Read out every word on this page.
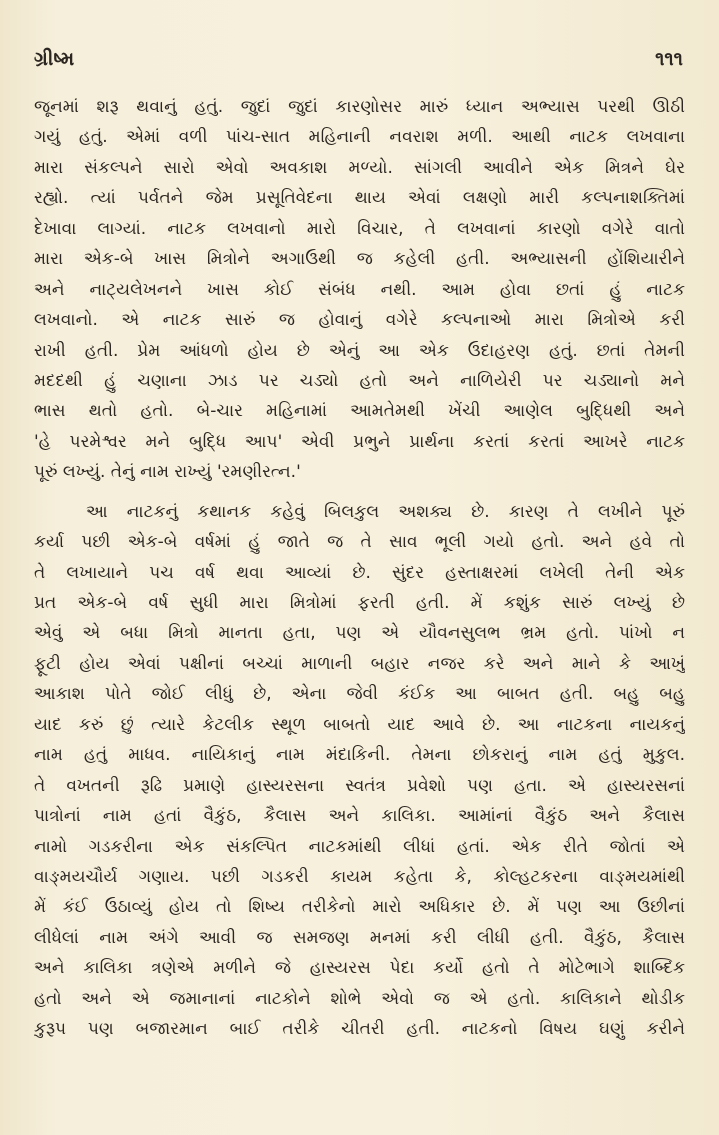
ગ્રીષ્મ	૧૧૧
જૂનમાં શરૂ થવાનું હતું. જુદાં જુદાં કારણોસર મારું ધ્યાન અભ્યાસ પરથી ઊઠી
ગયું હતું. એમાં વળી પાંચ-સાત મહિનાની નવરાશ મળી. આથી નાટક લખવાના
મારા સંકલ્પને સારો એવો અવકાશ મળ્યો. સાંગલી આવીને એક મિત્રને ઘેર
રહ્યો. ત્યાં પર્વતને જેમ પ્રસૂતિવેદના થાય એવાં લક્ષણો મારી કલ્પનાશક્તિમાં
દેખાવા લાગ્યાં. નાટક લખવાનો મારો વિચાર, તે લખવાનાં કારણો વગેરે વાતો
મારા એક-બે ખાસ મિત્રોને અગાઉથી જ કહેલી હતી. અભ્યાસની હોંશિયારીને
અને નાટ્યલેખનને ખાસ કોઈ સંબંધ નથી. આમ હોવા છતાં હું નાટક
લખવાનો. એ નાટક સારું જ હોવાનું વગેરે કલ્પનાઓ મારા મિત્રોએ કરી
રાખી હતી. પ્રેમ આંધળો હોય છે એનું આ એક ઉદાહરણ હતું. છતાં તેમની
મદદથી હું ચણાના ઝાડ પર ચડ્યો હતો અને નાળિયેરી પર ચડ્યાનો મને
ભાસ થતો હતો. બે-ચાર મહિનામાં આમતેમથી ખેંચી આણેલ બુદ્ધિથી અને
'હે પરમેશ્વર મને બુદ્ધિ આપ' એવી પ્રભુને પ્રાર્થના કરતાં કરતાં આખરે નાટક
પૂરું લખ્યું. તેનું નામ રાખ્યું 'રમણીરત્ન.'
આ નાટકનું કથાનક કહેવું બિલકુલ અશક્ય છે. કારણ તે લખીને પૂરું
કર્યા પછી એક-બે વર્ષમાં હું જાતે જ તે સાવ ભૂલી ગયો હતો. અને હવે તો
તે લખાયાને પચ વર્ષ થવા આવ્યાં છે. સુંદર હસ્તાક્ષરમાં લખેલી તેની એક
પ્રત એક-બે વર્ષ સુધી મારા મિત્રોમાં ફરતી હતી. મેં કશુંક સારું લખ્યું છે
એવું એ બધા મિત્રો માનતા હતા, પણ એ યૌવનસુલભ ભ્રમ હતો. પાંખો ન
ફૂટી હોય એવાં પક્ષીનાં બચ્ચાં માળાની બહાર નજર કરે અને માને કે આખું
આકાશ પોતે જોઈ લીધું છે, એના જેવી કંઈક આ બાબત હતી. બહુ બહુ
યાદ કરું છું ત્યારે કેટલીક સ્થૂળ બાબતો યાદ આવે છે. આ નાટકના નાયકનું
નામ હતું માધવ. નાયિકાનું નામ મંદાકિની. તેમના છોકરાનું નામ હતું મુકુલ.
તે વખતની રૂઢિ પ્રમાણે હાસ્યરસના સ્વતંત્ર પ્રવેશો પણ હતા. એ હાસ્યરસનાં
પાત્રોનાં નામ હતાં વૈકુંઠ, કૈલાસ અને કાલિકા. આમાંનાં વૈકુંઠ અને કૈલાસ
નામો ગડકરીના એક સંકલ્પિત નાટકમાંથી લીધાં હતાં. એક રીતે જોતાં એ
વાઙ્મયચૌર્ય ગણાય. પછી ગડકરી કાયમ કહેતા કે, કોલ્હટકરના વાઙ્મયમાંથી
મેં કંઈ ઉઠાવ્યું હોય તો શિષ્ય તરીકેનો મારો અધિકાર છે. મેં પણ આ ઉછીનાં
લીધેલાં નામ અંગે આવી જ સમજણ મનમાં કરી લીધી હતી. વૈકુંઠ, કૈલાસ
અને કાલિકા ત્રણેએ મળીને જે હાસ્યરસ પેદા કર્યો હતો તે મોટેભાગે શાબ્દિક
હતો અને એ જમાનાનાં નાટકોને શોભે એવો જ એ હતો. કાલિકાને થોડીક
કુરૂપ પણ બજારમાન બાઈ તરીકે ચીતરી હતી. નાટકનો વિષય ઘણું કરીને
